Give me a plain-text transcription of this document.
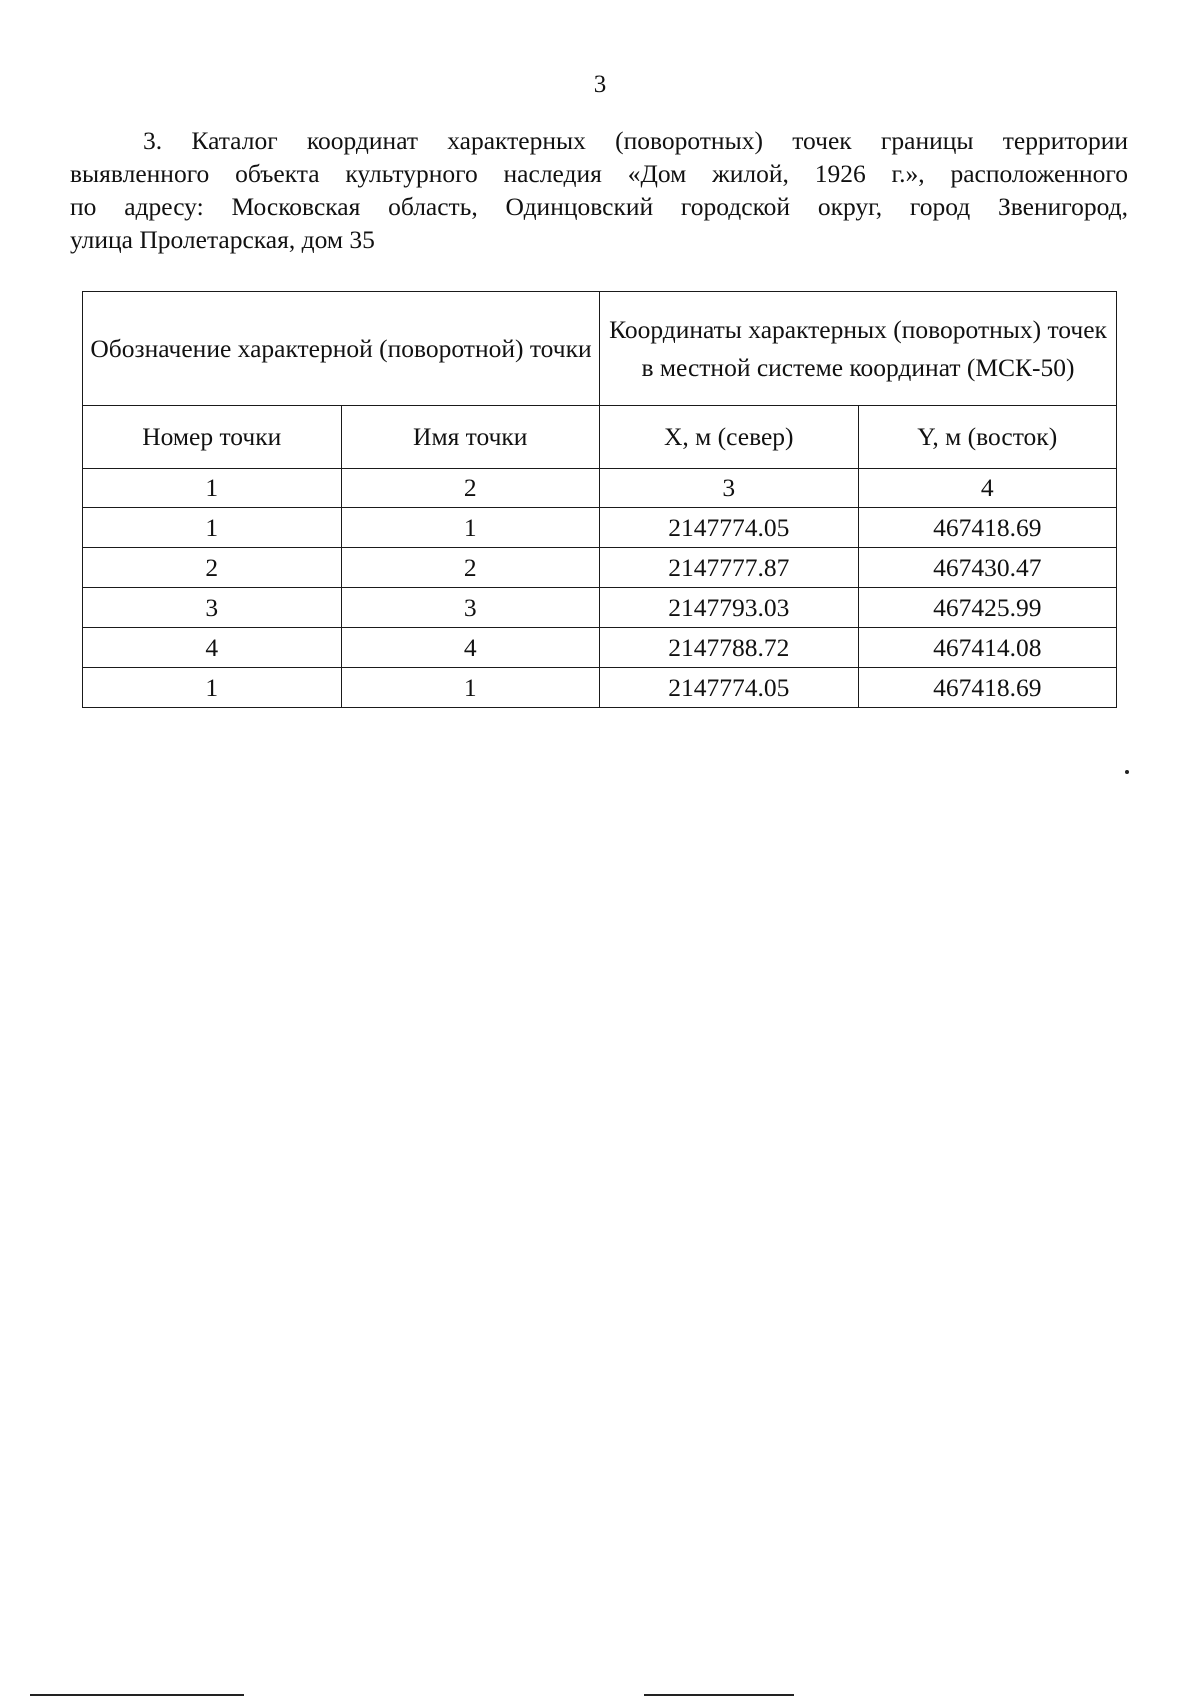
3

3. Каталог координат характерных (поворотных) точек границы территории
выявленного объекта культурного наследия «Дом жилой, 1926 г.», расположенного
по адресу: Московская область, Одинцовский городской округ, город Звенигород,
улица Пролетарская, дом 35

Обозначение характерной (поворотной) точки		Координаты характерных (поворотных) точек в местной системе координат (МСК-50)	
Номер точки	Имя точки	X, м (север)	Y, м (восток)
1	2	3	4
1	1	2147774.05	467418.69
2	2	2147777.87	467430.47
3	3	2147793.03	467425.99
4	4	2147788.72	467414.08
1	1	2147774.05	467418.69
